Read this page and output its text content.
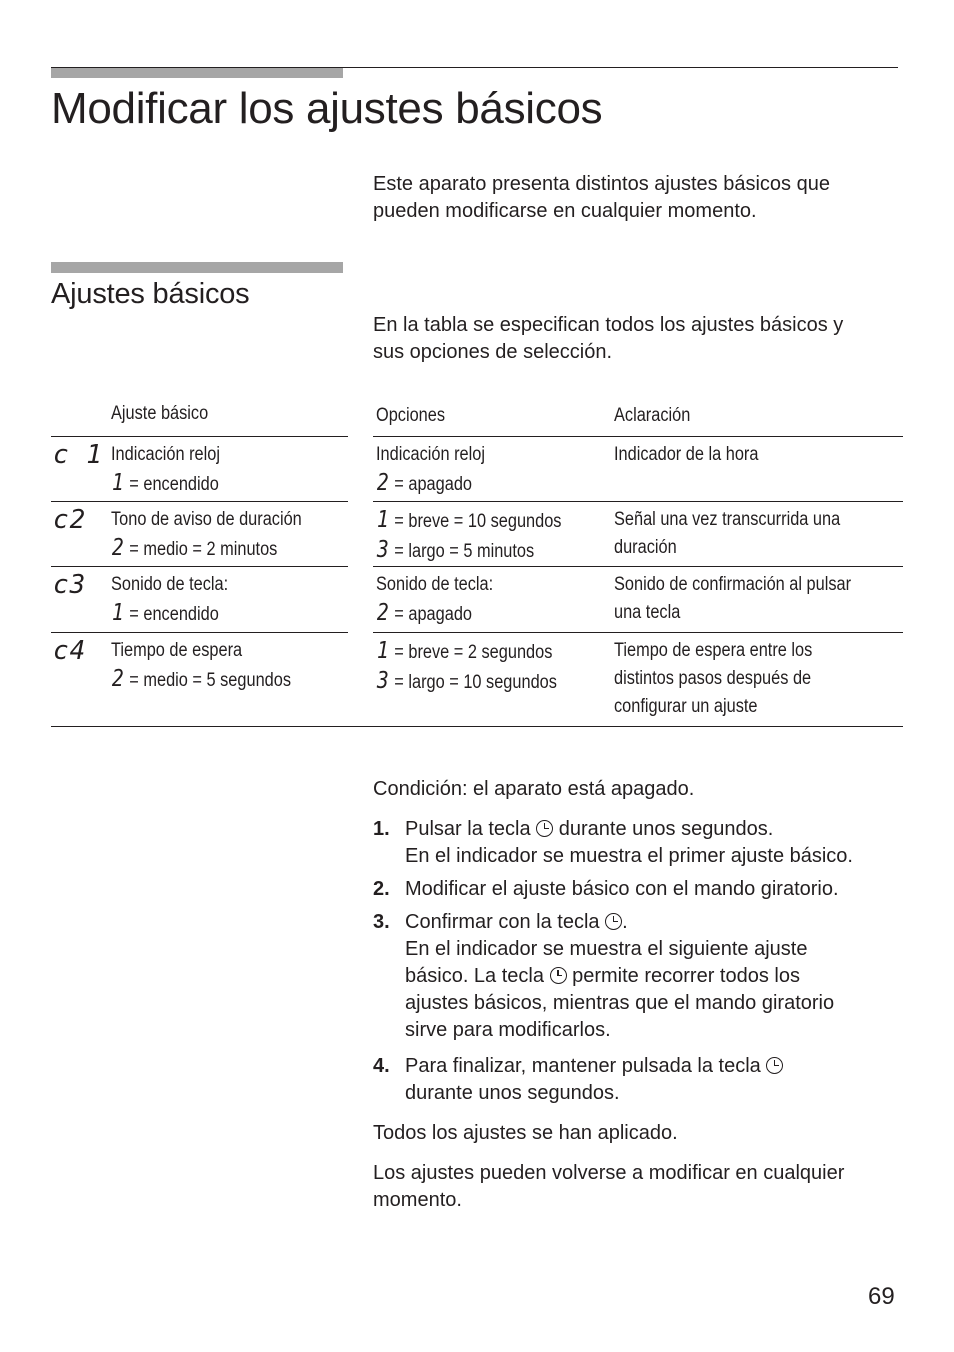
Modificar los ajustes básicos

Este aparato presenta distintos ajustes básicos que

pueden modificarse en cualquier momento.

Ajustes básicos

En la tabla se especifican todos los ajustes básicos y

sus opciones de selección.

Ajuste básico	Opciones	Aclaración
c 1 Indicación reloj
1 = encendido
Indicación reloj
2 = apagado
Indicador de la hora
c2 Tono de aviso de duración
2 = medio = 2 minutos
1 = breve = 10 segundos
3 = largo = 5 minutos
Señal una vez transcurrida una
duración
c3 Sonido de tecla:
1 = encendido
Sonido de tecla:
2 = apagado
Sonido de confirmación al pulsar
una tecla
c4 Tiempo de espera
2 = medio = 5 segundos
1 = breve = 2 segundos
3 = largo = 10 segundos
Tiempo de espera entre los
distintos pasos después de
configurar un ajuste

Condición: el aparato está apagado.

1. Pulsar la tecla durante unos segundos.
En el indicador se muestra el primer ajuste básico.
2. Modificar el ajuste básico con el mando giratorio.
3. Confirmar con la tecla .
En el indicador se muestra el siguiente ajuste
básico. La tecla permite recorrer todos los
ajustes básicos, mientras que el mando giratorio
sirve para modificarlos.
4. Para finalizar, mantener pulsada la tecla
durante unos segundos.

Todos los ajustes se han aplicado.

Los ajustes pueden volverse a modificar en cualquier

momento.

69
